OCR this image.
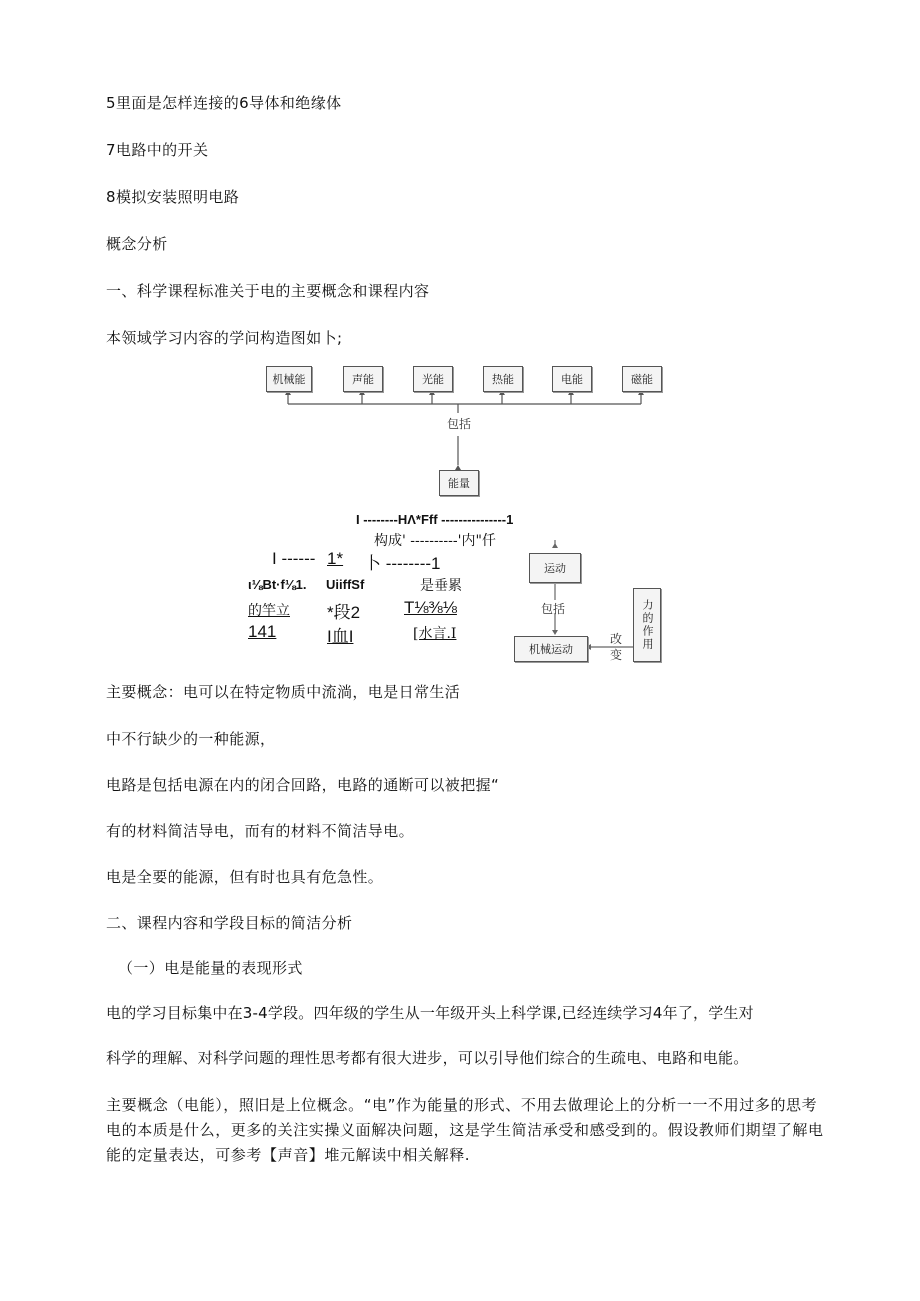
5里面是怎样连接的6导体和绝缘体
7电路中的开关
8模拟安装照明电路
概念分析
一、科学课程标准关于电的主要概念和课程内容
本领域学习内容的学问构造图如卜;
机械能	声能	光能	热能	电能	磁能
包括
能量
I --------HΛ*Fff ---------------1
构成' ----------'内"仟
I ------ 1* 卜 --------1
ι⅛Bt·f⅛1. UiiffSf	是垂累
的竿立 *段2	T⅛⅜⅛
141	I血I	[水言.I
运动
包括
机械运动
改变
力的作用
主要概念：电可以在特定物质中流淌，电是日常生活
中不行缺少的一种能源，
电路是包括电源在内的闭合回路，电路的通断可以被把握“
有的材料简洁导电，而有的材料不简洁导电。
电是全要的能源，但有时也具有危急性。
二、课程内容和学段目标的简洁分析
（一）电是能量的表现形式
电的学习目标集中在3-4学段。四年级的学生从一年级开头上科学课,已经连续学习4年了，学生对
科学的理解、对科学问题的理性思考都有很大进步，可以引导他们综合的生疏电、电路和电能。
主要概念（电能），照旧是上位概念。“电”作为能量的形式、不用去做理论上的分析一一不用过多的思考电的本质是什么，更多的关注实操义面解决问题，这是学生简洁承受和感受到的。假设教师们期望了解电能的定量表达，可参考【声音】堆元解读中相关解释.
